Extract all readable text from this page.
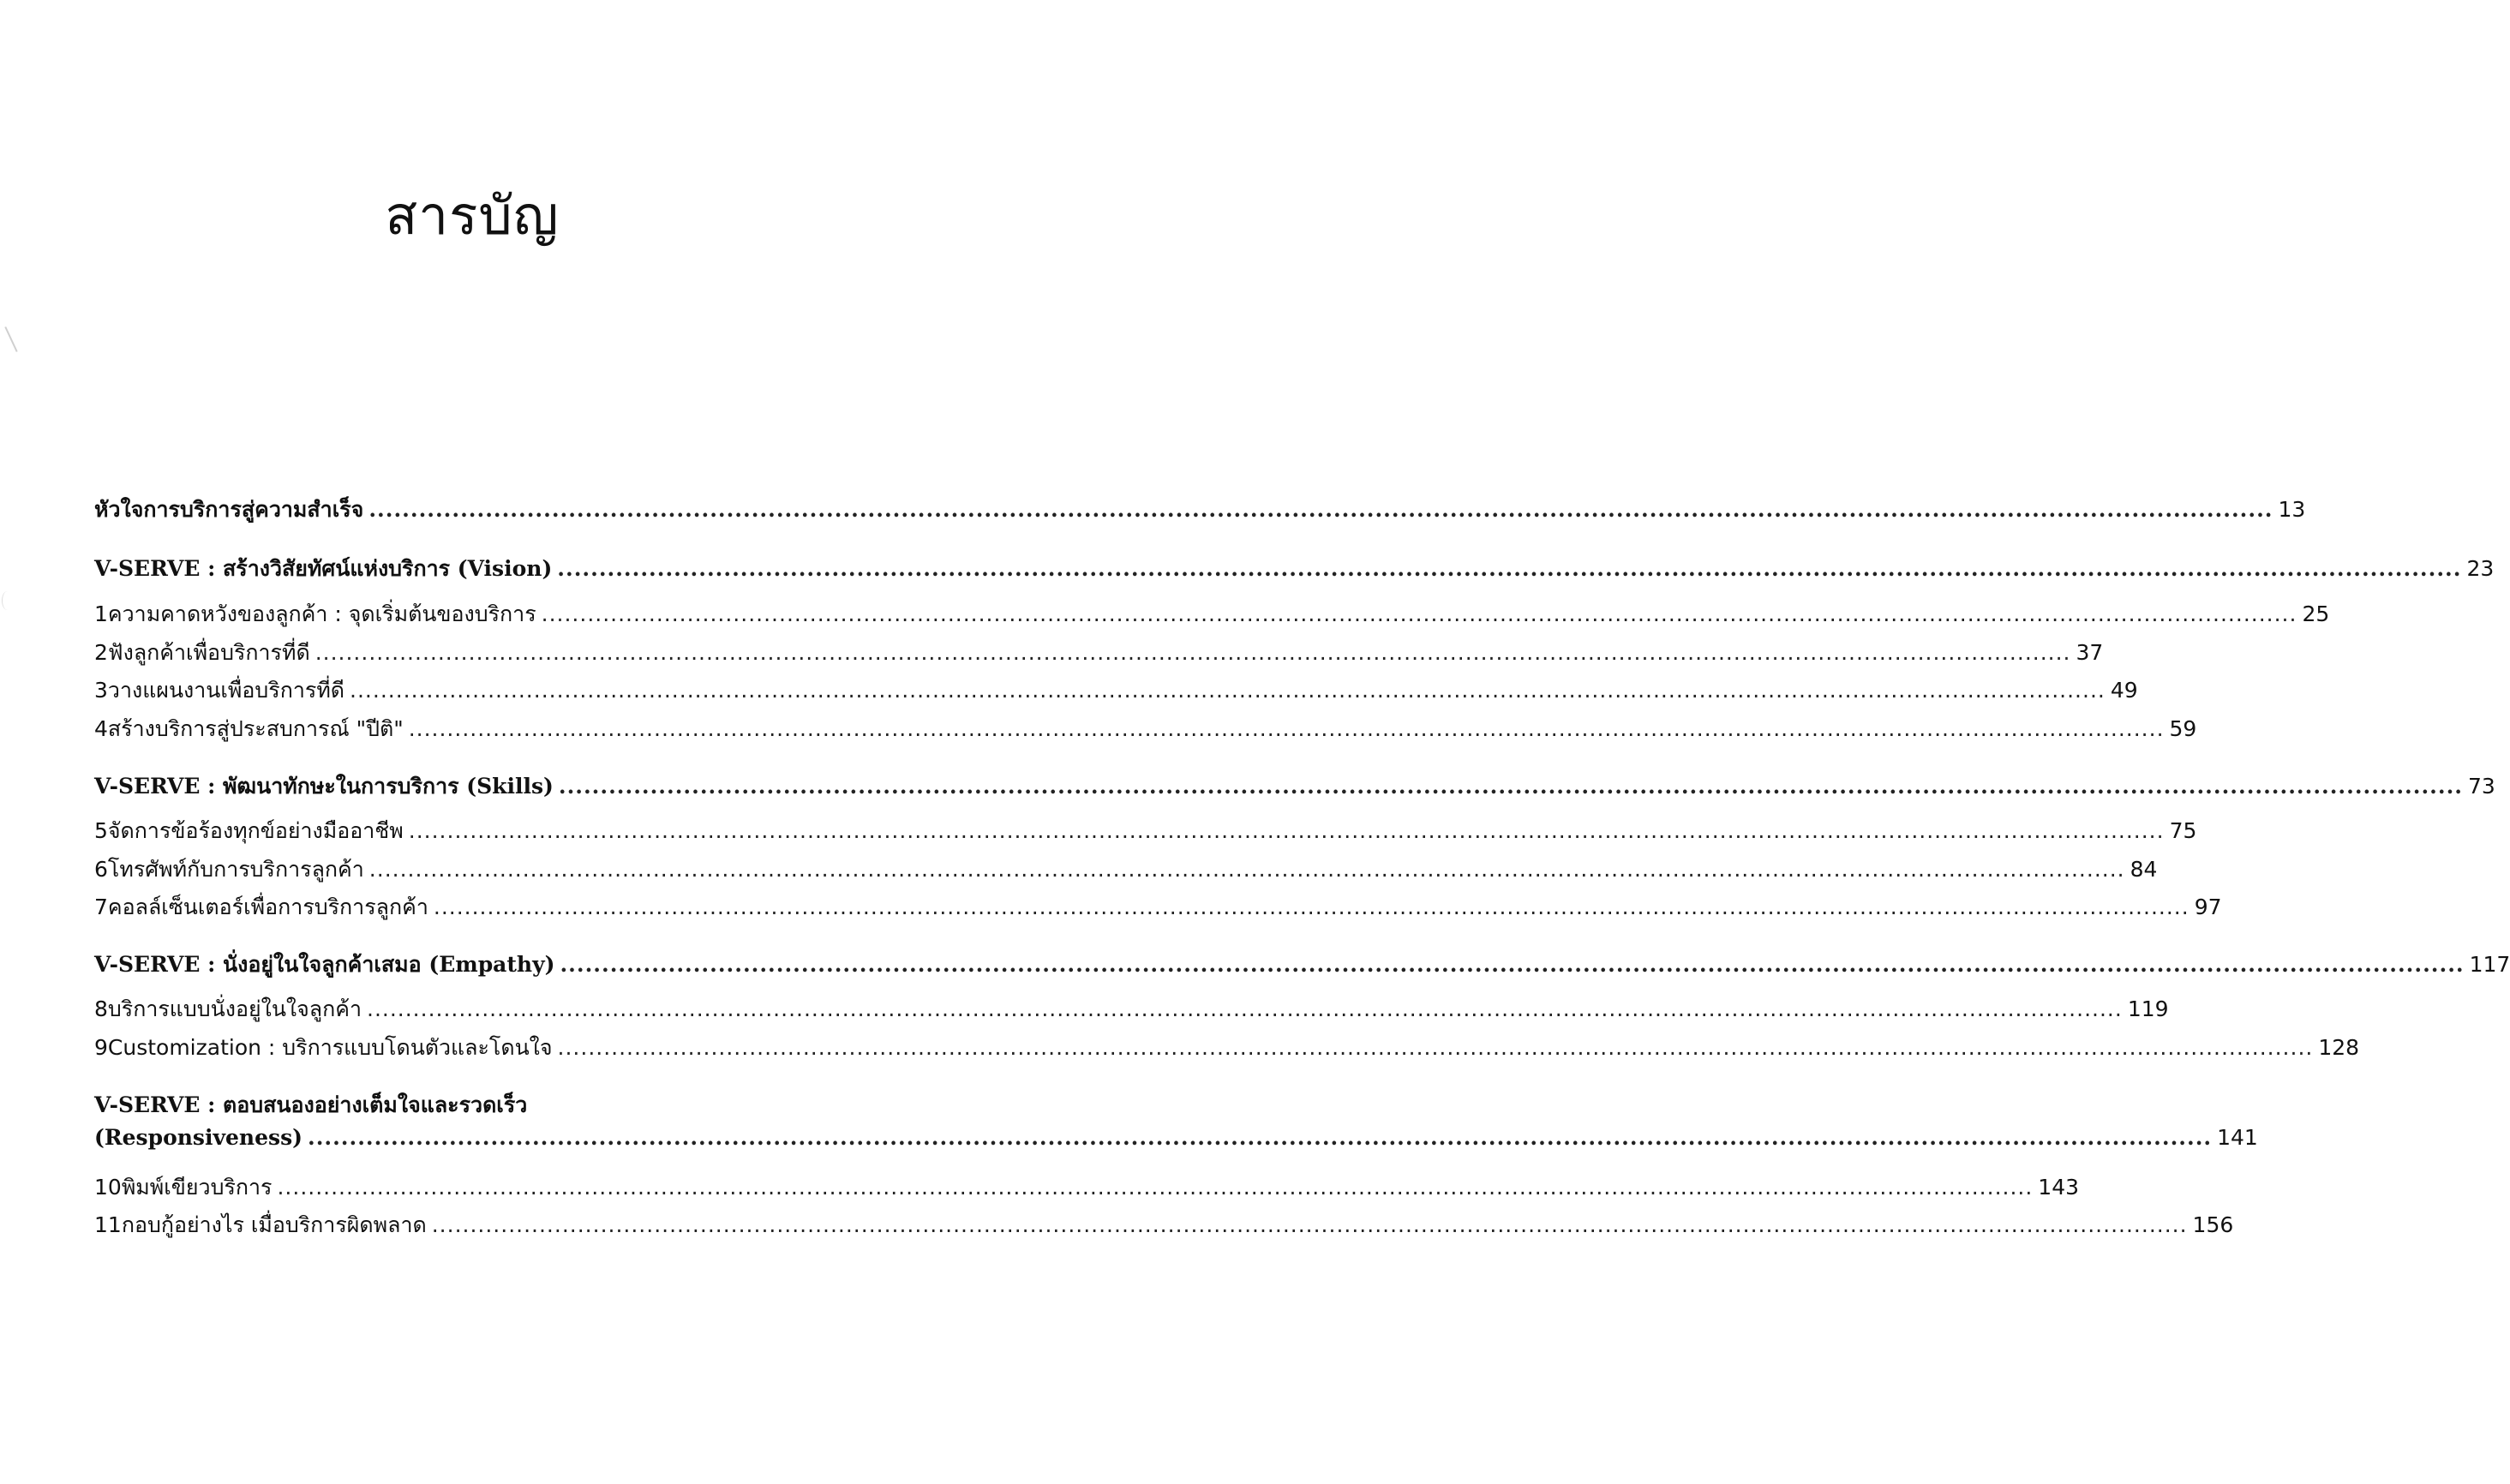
สารบัญ
หัวใจการบริการสู่ความสำเร็จ .....	13
V-SERVE : สร้างวิสัยทัศน์แห่งบริการ (Vision) .....	23
1 ความคาดหวังของลูกค้า : จุดเริ่มต้นของบริการ .....	25
2 ฟังลูกค้าเพื่อบริการที่ดี .....	37
3 วางแผนงานเพื่อบริการที่ดี .....	49
4 สร้างบริการสู่ประสบการณ์ "ปีติ" .....	59
V-SERVE : พัฒนาทักษะในการบริการ (Skills) .....	73
5 จัดการข้อร้องทุกข์อย่างมืออาชีพ .....	75
6 โทรศัพท์กับการบริการลูกค้า .....	84
7 คอลล์เซ็นเตอร์เพื่อการบริการลูกค้า .....	97
V-SERVE : นั่งอยู่ในใจลูกค้าเสมอ (Empathy) .....	117
8 บริการแบบนั่งอยู่ในใจลูกค้า .....	119
9 Customization : บริการแบบโดนตัวและโดนใจ .....	128
V-SERVE : ตอบสนองอย่างเต็มใจและรวดเร็ว
(Responsiveness) .....	141
10 พิมพ์เขียวบริการ .....	143
11 กอบกู้อย่างไร เมื่อบริการผิดพลาด .....	156
